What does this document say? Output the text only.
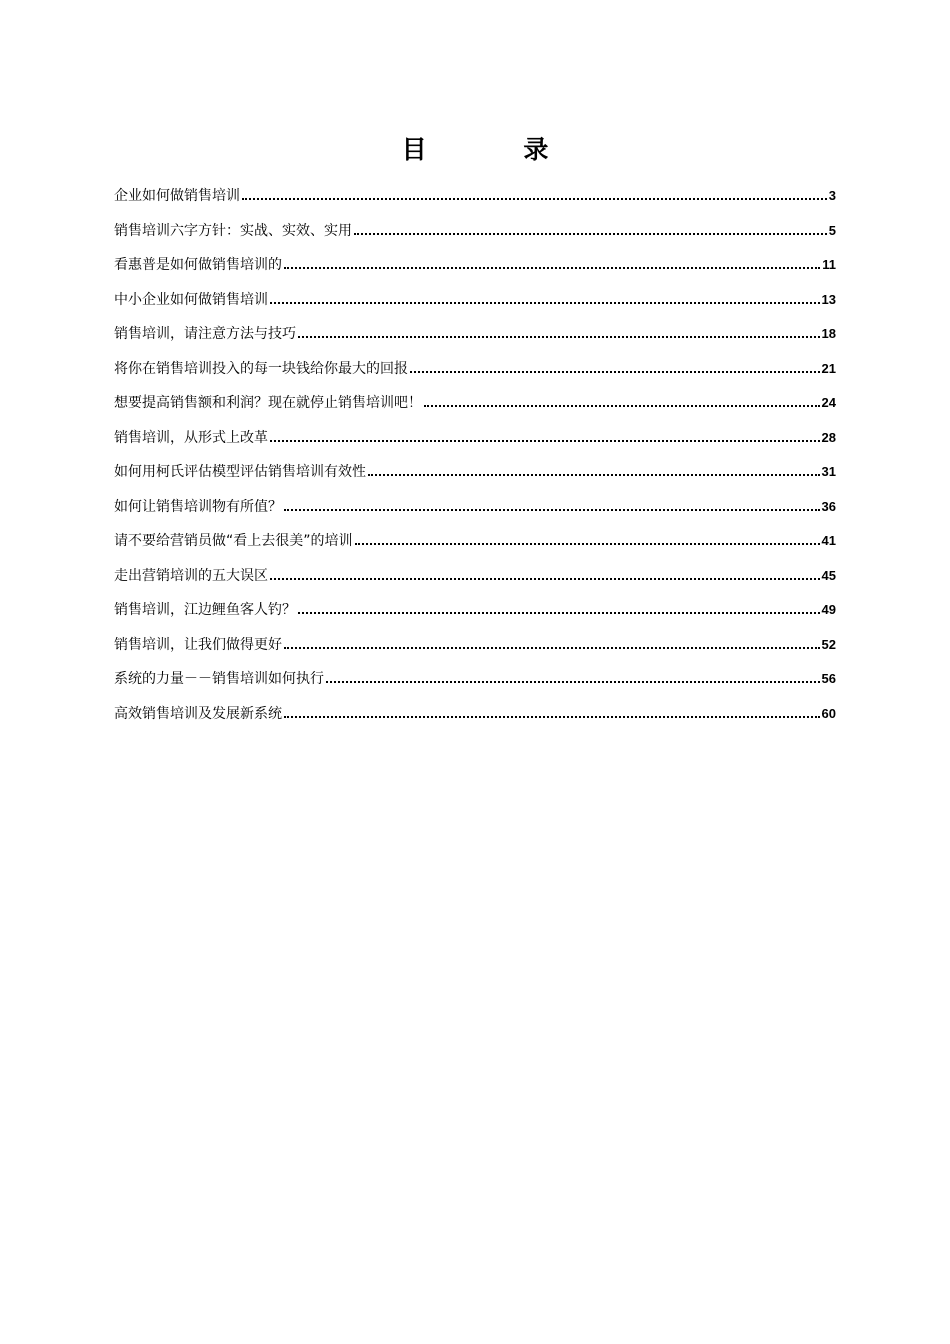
目 录
企业如何做销售培训	3
销售培训六字方针：实战、实效、实用	5
看惠普是如何做销售培训的	11
中小企业如何做销售培训	13
销售培训，请注意方法与技巧	18
将你在销售培训投入的每一块钱给你最大的回报	21
想要提高销售额和利润？现在就停止销售培训吧！	24
销售培训，从形式上改革	28
如何用柯氏评估模型评估销售培训有效性	31
如何让销售培训物有所值？	36
请不要给营销员做“看上去很美”的培训	41
走出营销培训的五大误区	45
销售培训，江边鲤鱼客人钓？	49
销售培训，让我们做得更好	52
系统的力量－－销售培训如何执行	56
高效销售培训及发展新系统	60
